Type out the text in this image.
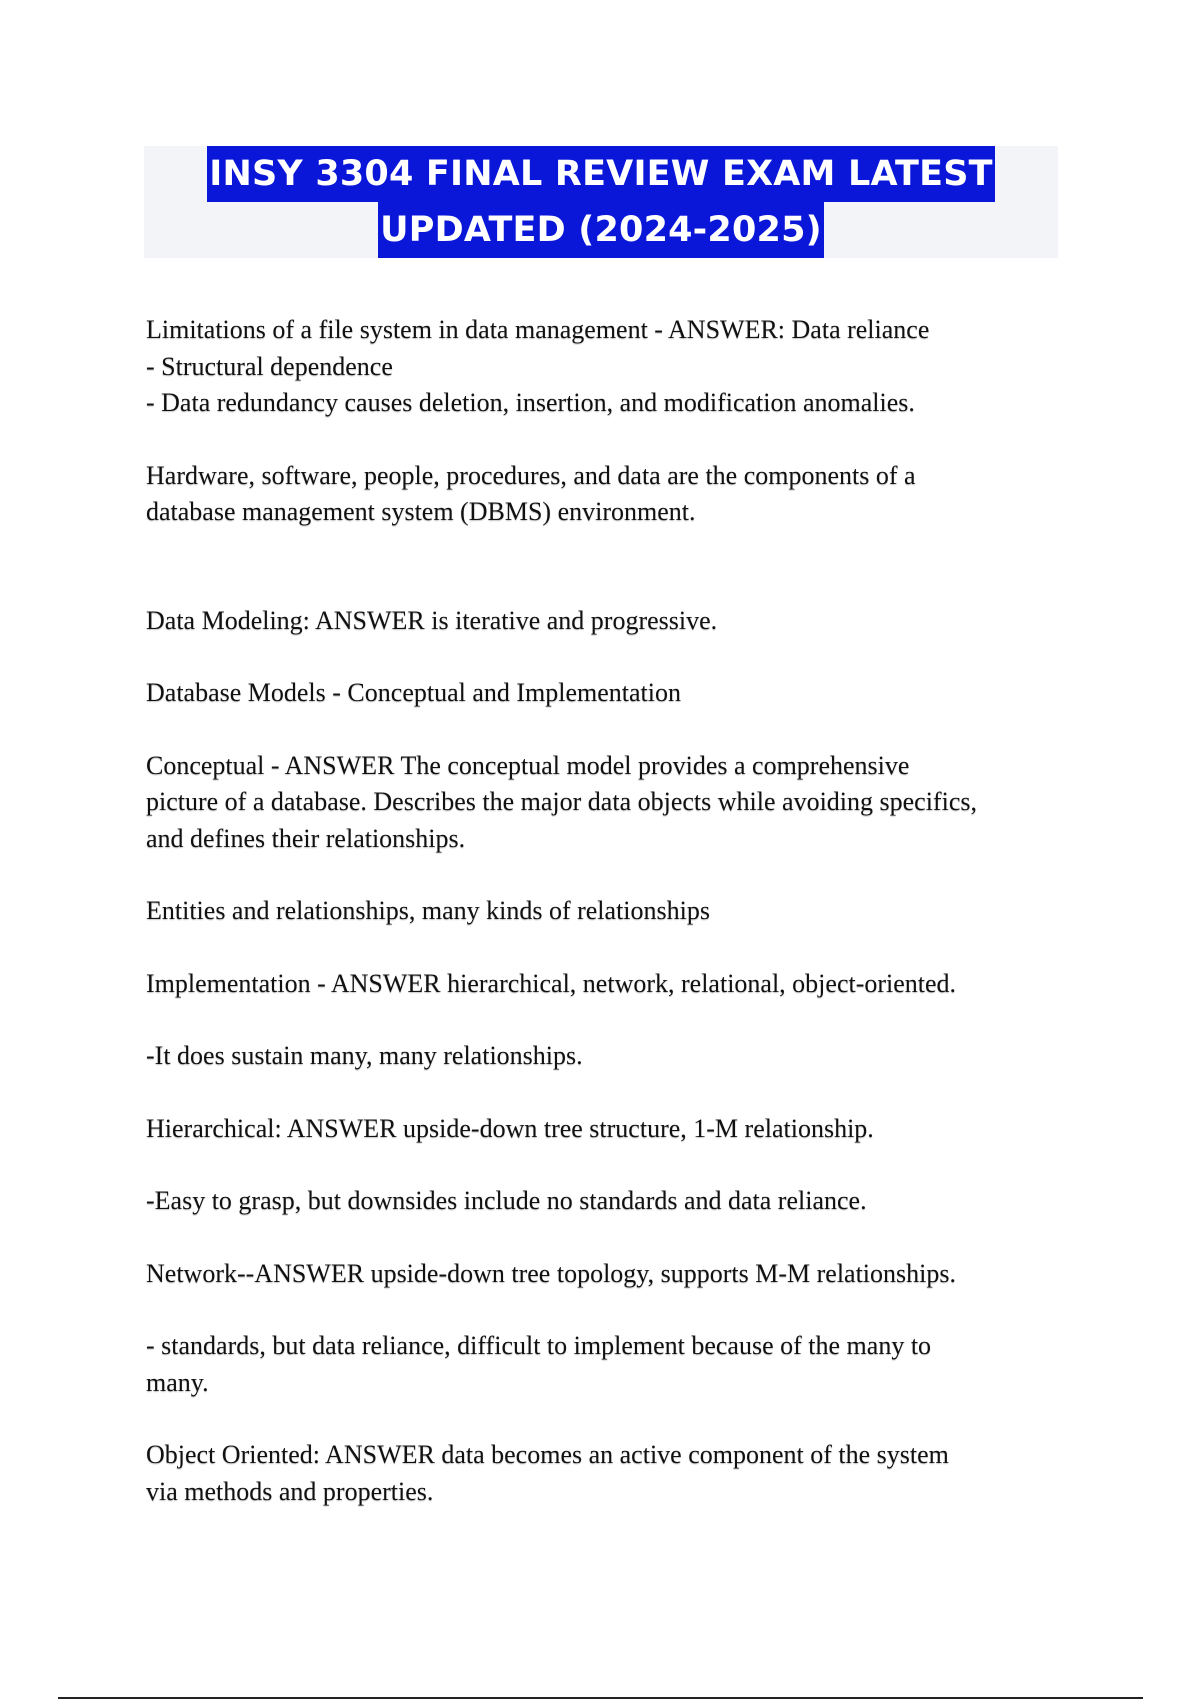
INSY 3304 FINAL REVIEW EXAM LATEST
UPDATED (2024-2025)

Limitations of a file system in data management - ANSWER: Data reliance
- Structural dependence
- Data redundancy causes deletion, insertion, and modification anomalies.

Hardware, software, people, procedures, and data are the components of a
database management system (DBMS) environment.

Data Modeling: ANSWER is iterative and progressive.

Database Models - Conceptual and Implementation

Conceptual - ANSWER The conceptual model provides a comprehensive
picture of a database. Describes the major data objects while avoiding specifics,
and defines their relationships.

Entities and relationships, many kinds of relationships

Implementation - ANSWER hierarchical, network, relational, object-oriented.

-It does sustain many, many relationships.

Hierarchical: ANSWER upside-down tree structure, 1-M relationship.

-Easy to grasp, but downsides include no standards and data reliance.

Network--ANSWER upside-down tree topology, supports M-M relationships.

- standards, but data reliance, difficult to implement because of the many to
many.

Object Oriented: ANSWER data becomes an active component of the system
via methods and properties.
